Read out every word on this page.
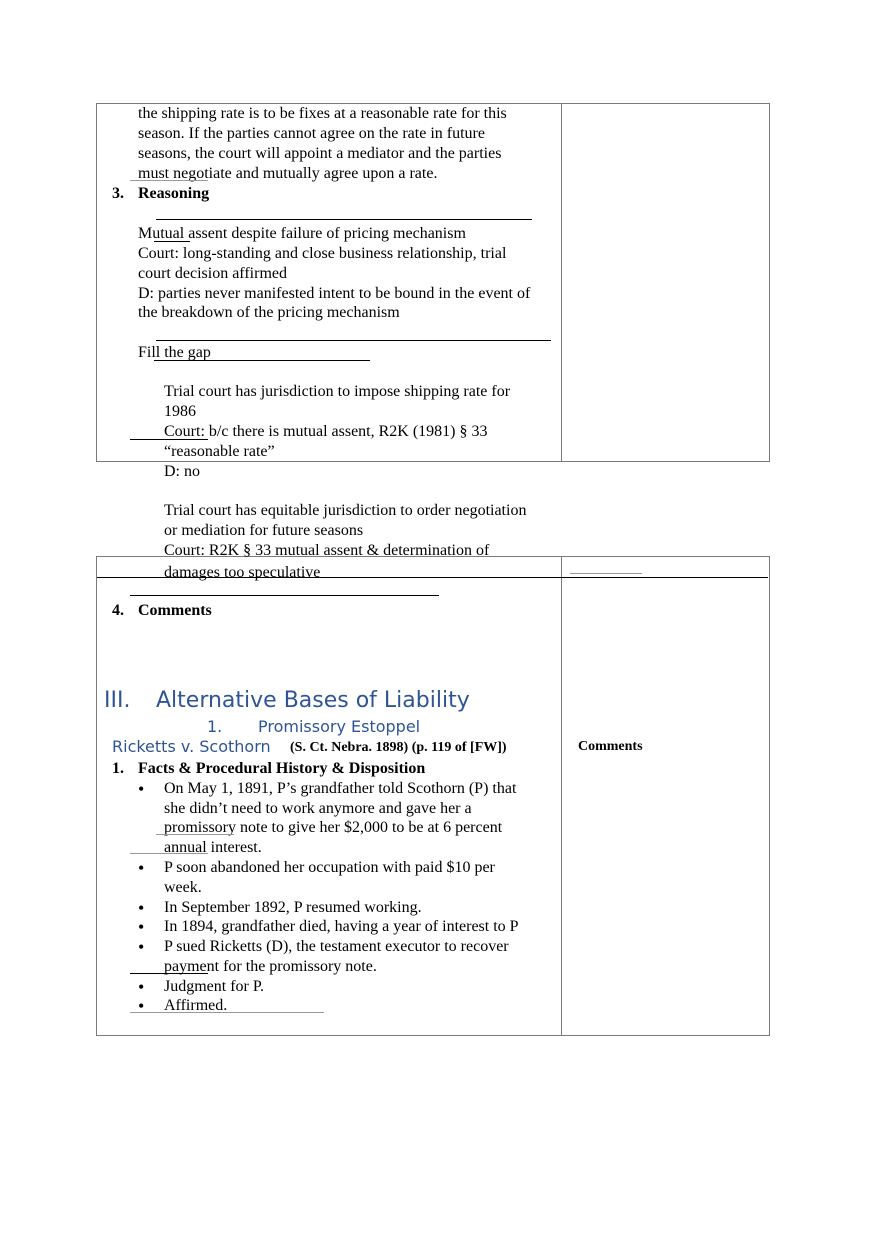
the shipping rate is to be fixes at a reasonable rate for this
season. If the parties cannot agree on the rate in future
seasons, the court will appoint a mediator and the parties
must negotiate and mutually agree upon a rate.
3. Reasoning
Mutual assent despite failure of pricing mechanism
Court: long-standing and close business relationship, trial
court decision affirmed
D: parties never manifested intent to be bound in the event of
the breakdown of the pricing mechanism
Fill the gap
Trial court has jurisdiction to impose shipping rate for
1986
Court: b/c there is mutual assent, R2K (1981) § 33
“reasonable rate”
D: no
Trial court has equitable jurisdiction to order negotiation
or mediation for future seasons
Court: R2K § 33 mutual assent & determination of
damages too speculative
4. Comments
III. Alternative Bases of Liability
1. Promissory Estoppel
Ricketts v. Scothorn (S. Ct. Nebra. 1898) (p. 119 of [FW])	Comments
1. Facts & Procedural History & Disposition
• On May 1, 1891, P’s grandfather told Scothorn (P) that
she didn’t need to work anymore and gave her a
promissory note to give her $2,000 to be at 6 percent
annual interest.
• P soon abandoned her occupation with paid $10 per
week.
• In September 1892, P resumed working.
• In 1894, grandfather died, having a year of interest to P
• P sued Ricketts (D), the testament executor to recover
payment for the promissory note.
• Judgment for P.
• Affirmed.
